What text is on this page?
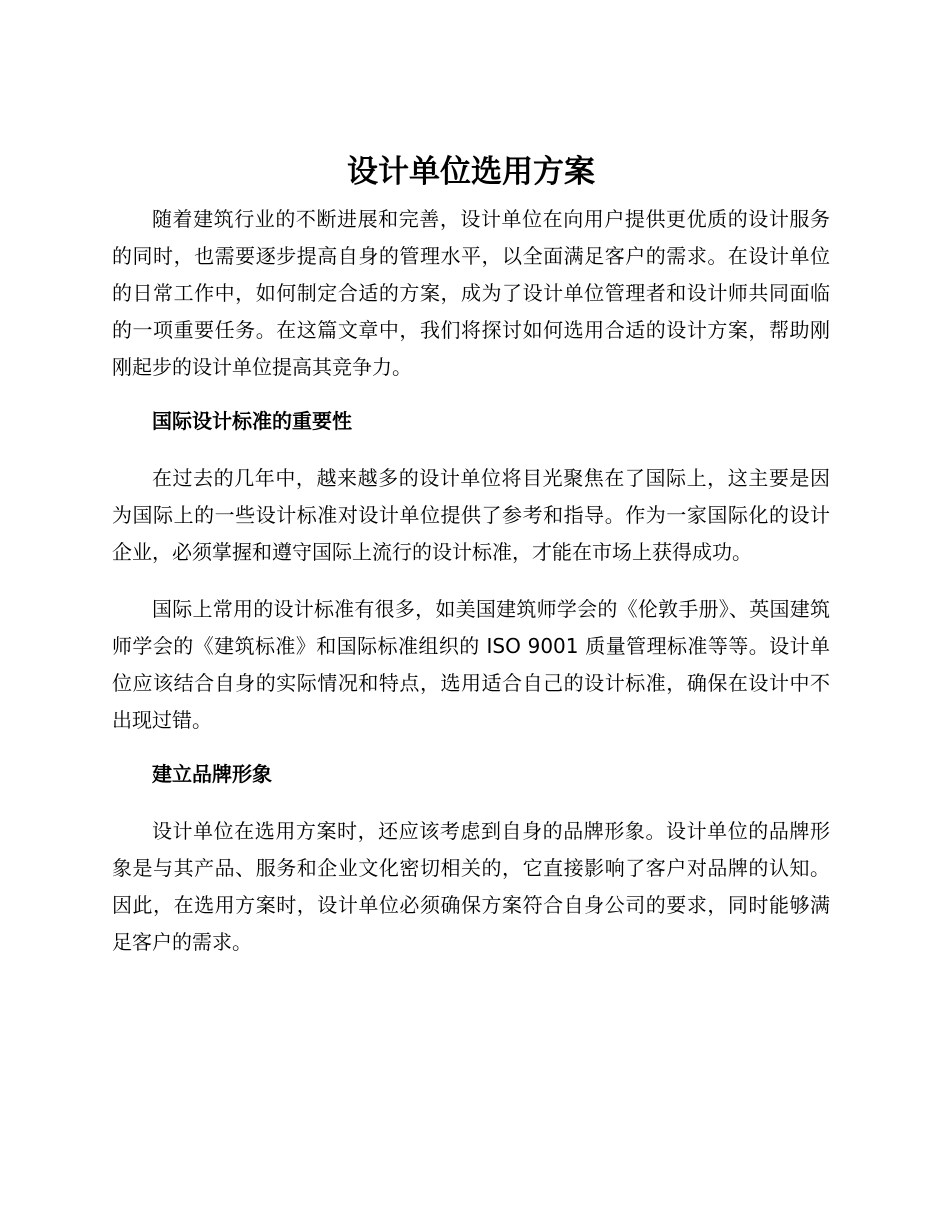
设计单位选用方案

随着建筑行业的不断进展和完善，设计单位在向用户提供更优质的设计服务的同时，也需要逐步提高自身的管理水平，以全面满足客户的需求。在设计单位的日常工作中，如何制定合适的方案，成为了设计单位管理者和设计师共同面临的一项重要任务。在这篇文章中，我们将探讨如何选用合适的设计方案，帮助刚刚起步的设计单位提高其竞争力。

国际设计标准的重要性

在过去的几年中，越来越多的设计单位将目光聚焦在了国际上，这主要是因为国际上的一些设计标准对设计单位提供了参考和指导。作为一家国际化的设计企业，必须掌握和遵守国际上流行的设计标准，才能在市场上获得成功。

国际上常用的设计标准有很多，如美国建筑师学会的《伦敦手册》、英国建筑师学会的《建筑标准》和国际标准组织的 ISO 9001 质量管理标准等等。设计单位应该结合自身的实际情况和特点，选用适合自己的设计标准，确保在设计中不出现过错。

建立品牌形象

设计单位在选用方案时，还应该考虑到自身的品牌形象。设计单位的品牌形象是与其产品、服务和企业文化密切相关的，它直接影响了客户对品牌的认知。因此，在选用方案时，设计单位必须确保方案符合自身公司的要求，同时能够满足客户的需求。
